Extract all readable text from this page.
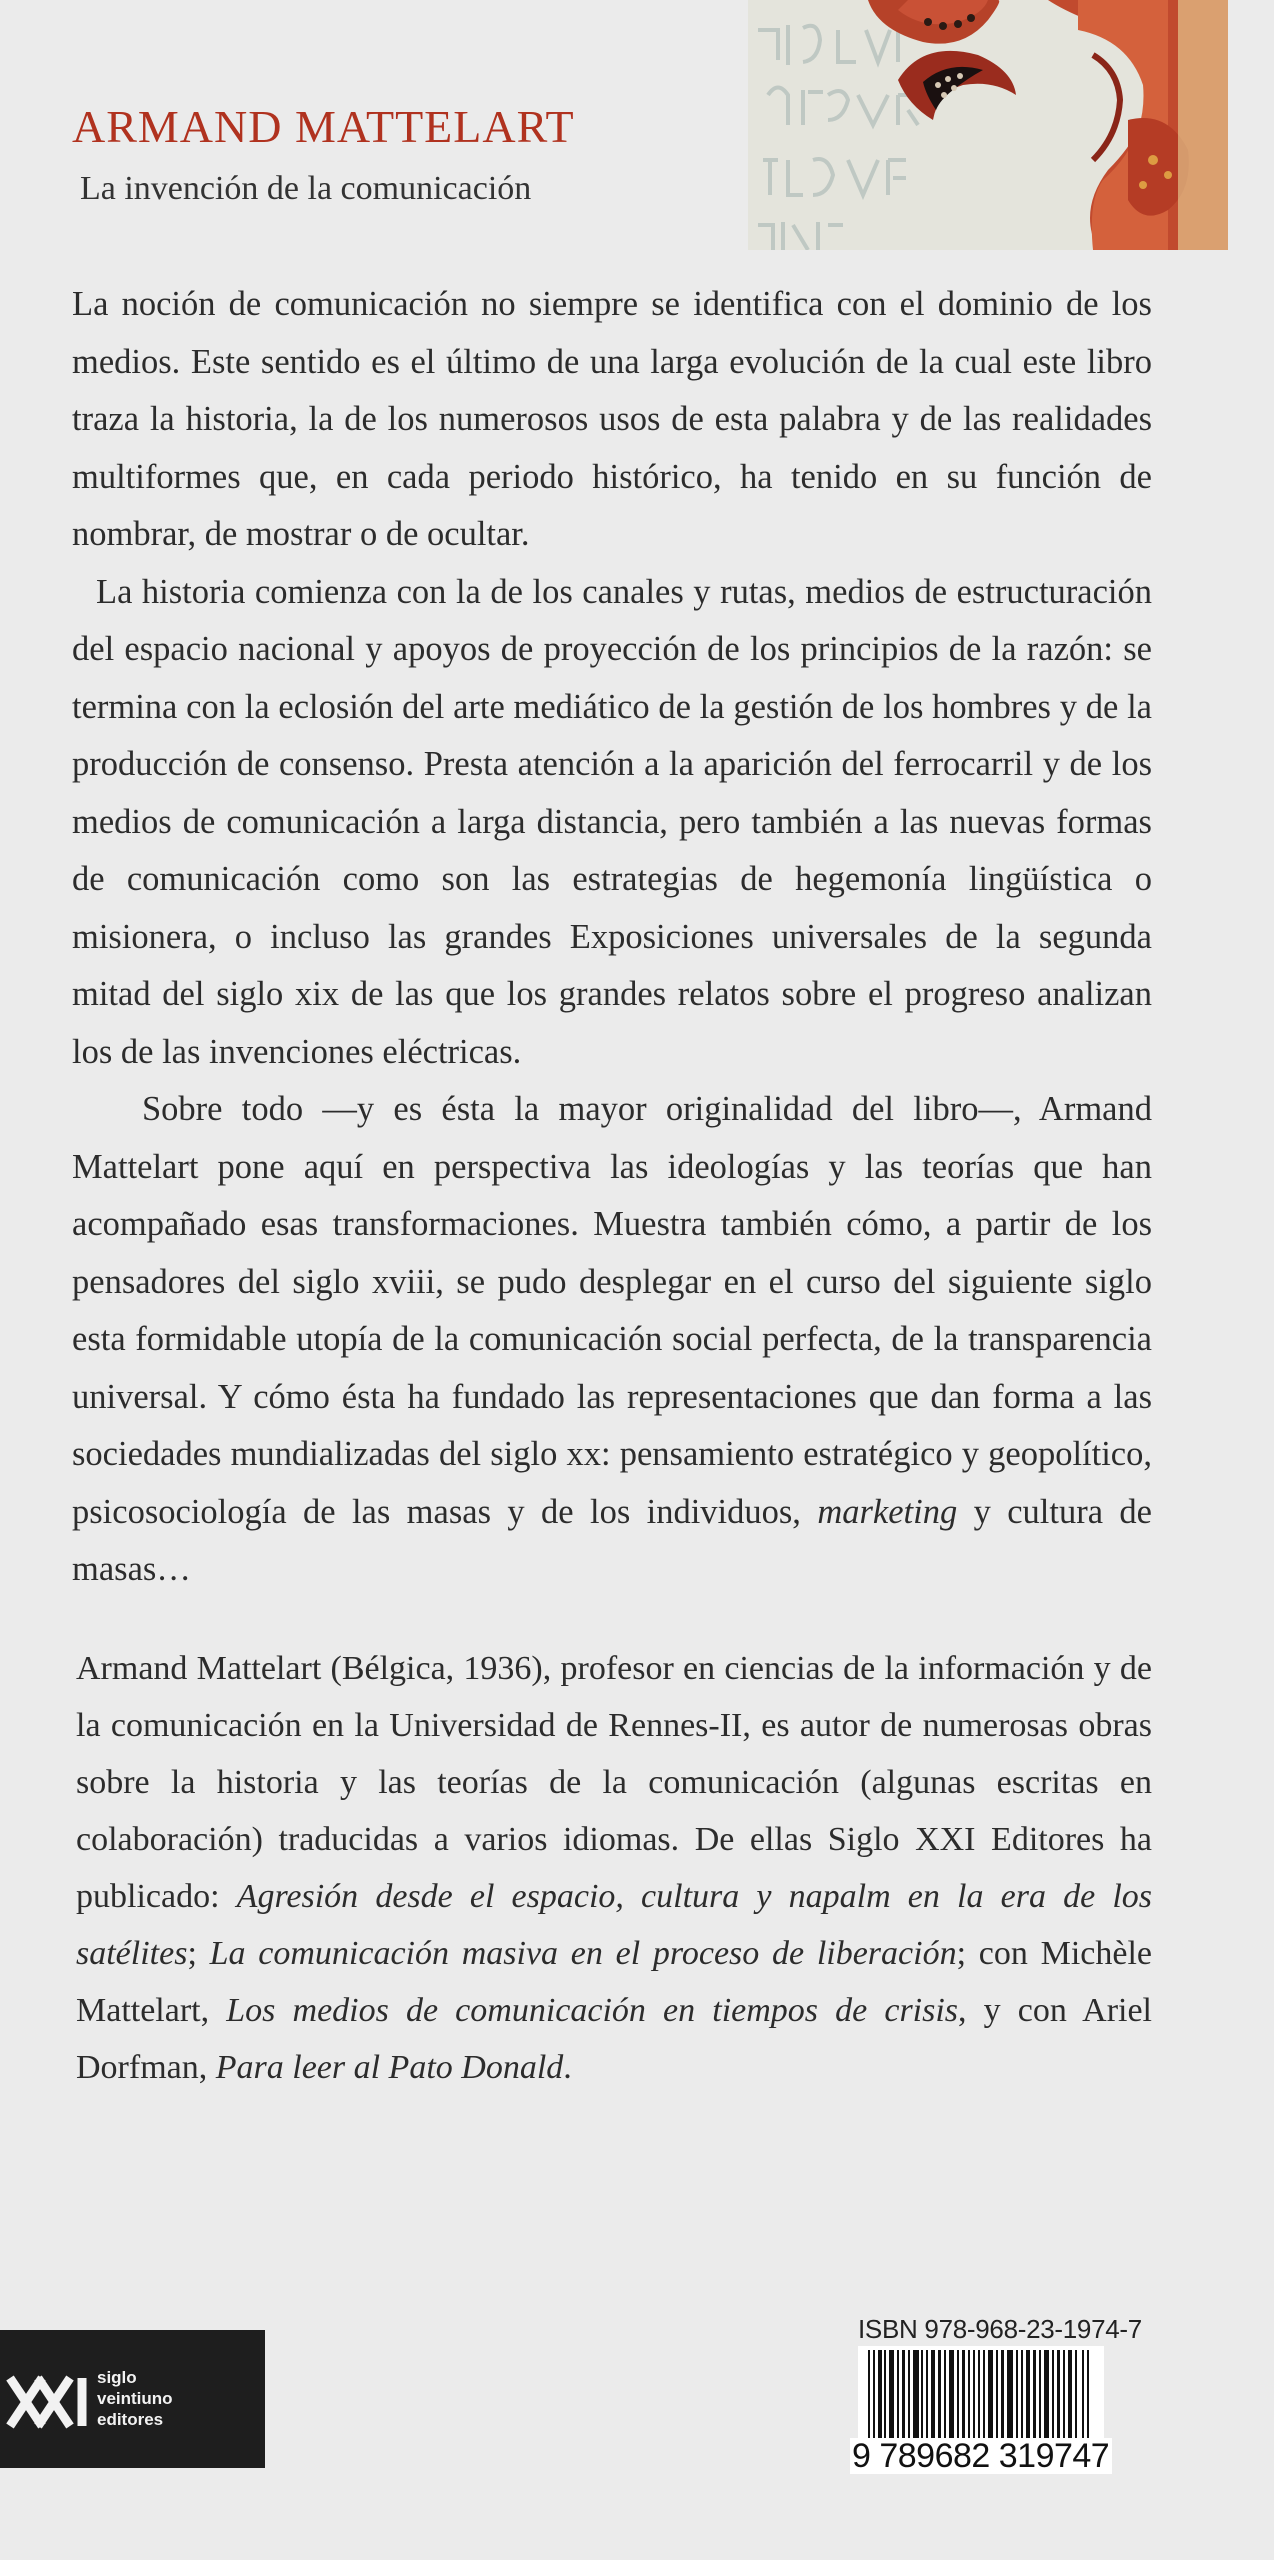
ARMAND MATTELART
La invención de la comunicación

La noción de comunicación no siempre se identifica con el dominio de los medios. Este sentido es el último de una larga evolución de la cual este libro traza la historia, la de los numerosos usos de esta palabra y de las realidades multiformes que, en cada periodo histórico, ha tenido en su función de nombrar, de mostrar o de ocultar.

La historia comienza con la de los canales y rutas, medios de estructuración del espacio nacional y apoyos de proyección de los principios de la razón: se termina con la eclosión del arte mediático de la gestión de los hombres y de la producción de consenso. Presta atención a la aparición del ferrocarril y de los medios de comunicación a larga distancia, pero también a las nuevas formas de comunicación como son las estrategias de hegemonía lingüística o misionera, o incluso las grandes Exposiciones universales de la segunda mitad del siglo xix de las que los grandes relatos sobre el progreso analizan los de las invenciones eléctricas.

Sobre todo —y es ésta la mayor originalidad del libro—, Armand Mattelart pone aquí en perspectiva las ideologías y las teorías que han acompañado esas transformaciones. Muestra también cómo, a partir de los pensadores del siglo xviii, se pudo desplegar en el curso del siguiente siglo esta formidable utopía de la comunicación social perfecta, de la transparencia universal. Y cómo ésta ha fundado las representaciones que dan forma a las sociedades mundializadas del siglo xx: pensamiento estratégico y geopolítico, psicosociología de las masas y de los individuos, marketing y cultura de masas…

Armand Mattelart (Bélgica, 1936), profesor en ciencias de la información y de la comunicación en la Universidad de Rennes-II, es autor de numerosas obras sobre la historia y las teorías de la comunicación (algunas escritas en colaboración) traducidas a varios idiomas. De ellas Siglo XXI Editores ha publicado: Agresión desde el espacio, cultura y napalm en la era de los satélites; La comunicación masiva en el proceso de liberación; con Michèle Mattelart, Los medios de comunicación en tiempos de crisis, y con Ariel Dorfman, Para leer al Pato Donald.

siglo
veintiuno
editores
ISBN 978-968-23-1974-7
9 789682 319747
